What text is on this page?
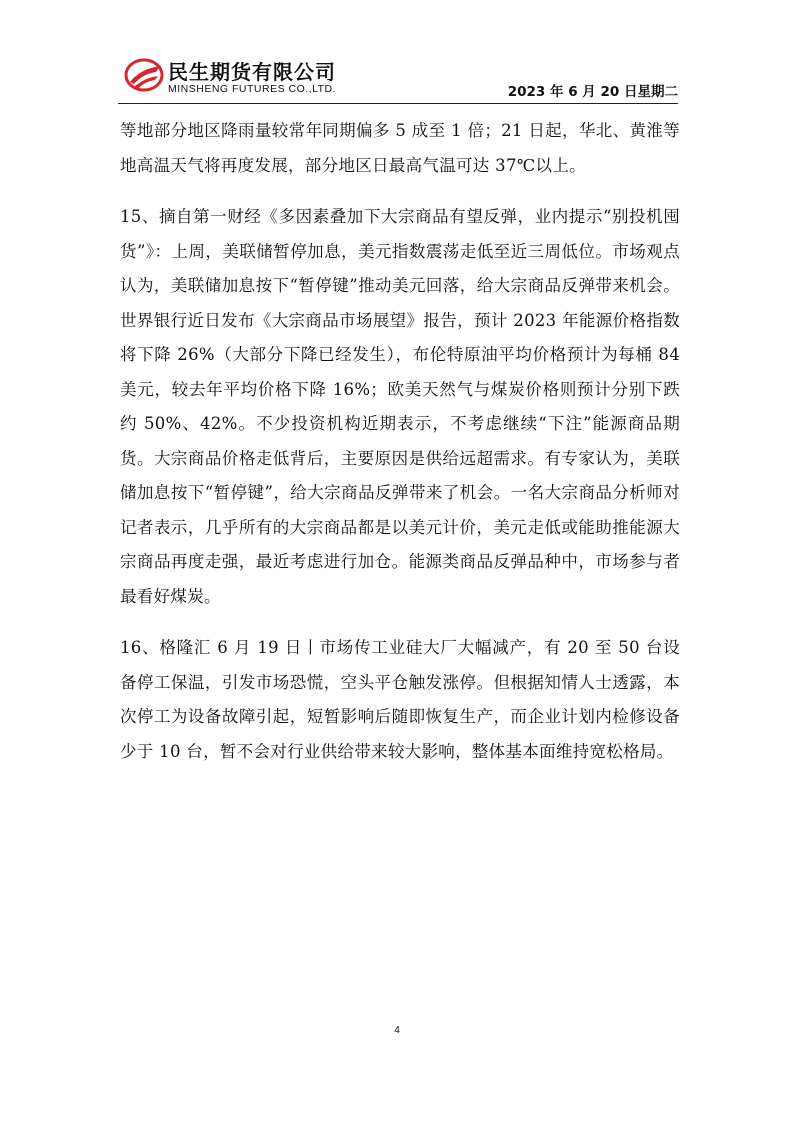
民生期货有限公司
MINSHENG FUTURES CO.,LTD.	2023 年 6 月 20 日星期二

等地部分地区降雨量较常年同期偏多 5 成至 1 倍；21 日起，华北、黄淮等地高温天气将再度发展，部分地区日最高气温可达 37℃以上。

15、摘自第一财经《多因素叠加下大宗商品有望反弹，业内提示“别投机囤货”》：上周，美联储暂停加息，美元指数震荡走低至近三周低位。市场观点认为，美联储加息按下“暂停键”推动美元回落，给大宗商品反弹带来机会。世界银行近日发布《大宗商品市场展望》报告，预计 2023 年能源价格指数将下降 26%（大部分下降已经发生），布伦特原油平均价格预计为每桶 84 美元，较去年平均价格下降 16%；欧美天然气与煤炭价格则预计分别下跌约 50%、42%。不少投资机构近期表示，不考虑继续“下注”能源商品期货。大宗商品价格走低背后，主要原因是供给远超需求。有专家认为，美联储加息按下“暂停键”，给大宗商品反弹带来了机会。一名大宗商品分析师对记者表示，几乎所有的大宗商品都是以美元计价，美元走低或能助推能源大宗商品再度走强，最近考虑进行加仓。能源类商品反弹品种中，市场参与者最看好煤炭。

16、格隆汇 6 月 19 日丨市场传工业硅大厂大幅减产，有 20 至 50 台设备停工保温，引发市场恐慌，空头平仓触发涨停。但根据知情人士透露，本次停工为设备故障引起，短暂影响后随即恢复生产，而企业计划内检修设备少于 10 台，暂不会对行业供给带来较大影响，整体基本面维持宽松格局。

4
